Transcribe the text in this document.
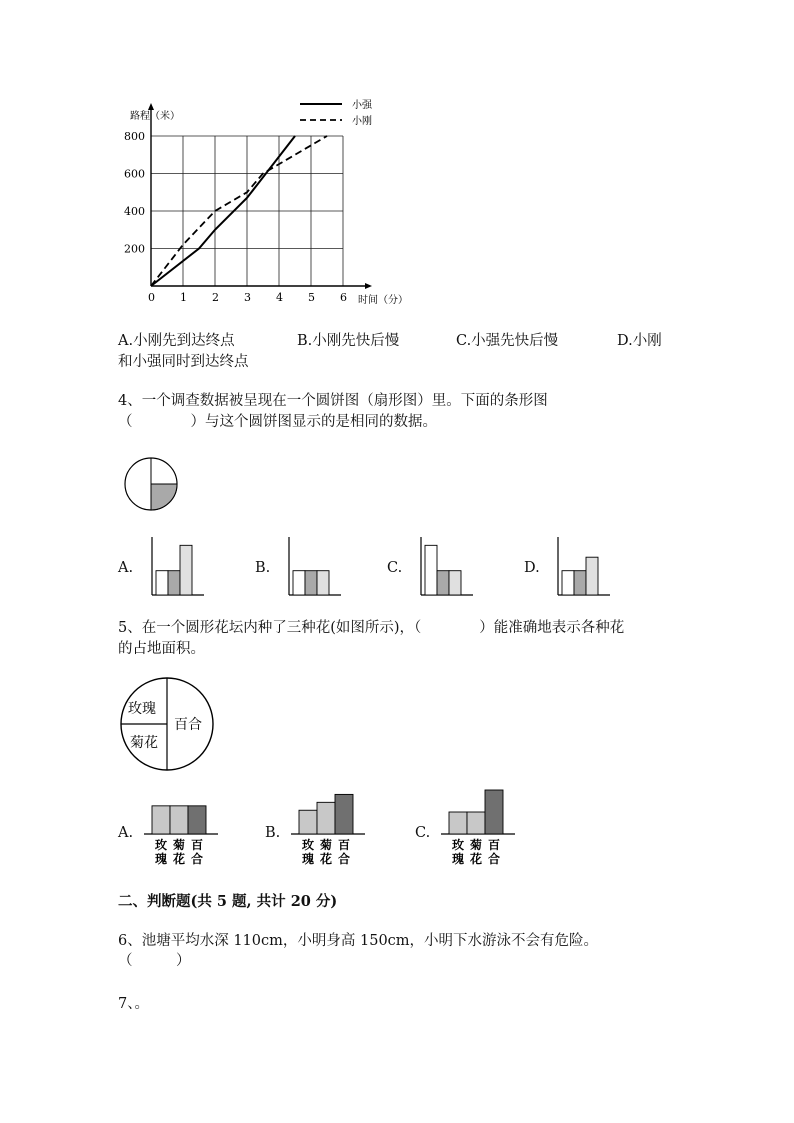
路程（米）
时间（分）
0
200
400
600
800
1 2 3 4 5 6
小强
小刚
A.小刚先到达终点	B.小刚先快后慢	C.小强先快后慢	D.小刚
和小强同时到达终点
4、一个调查数据被呈现在一个圆饼图（扇形图）里。下面的条形图
（　　　　）与这个圆饼图显示的是相同的数据。
A.	B.	C.	D.
5、在一个圆形花坛内种了三种花(如图所示)，（　　　　）能准确地表示各种花
的占地面积。
玫瑰
百合
菊花
A.
玫
瑰
菊
花
百
合
B.
玫
瑰
菊
花
百
合
C.
玫
瑰
菊
花
百
合
二、判断题(共 5 题, 共计 20 分)
6、池塘平均水深 110cm，小明身高 150cm，小明下水游泳不会有危险。
（　　　）
7、。
